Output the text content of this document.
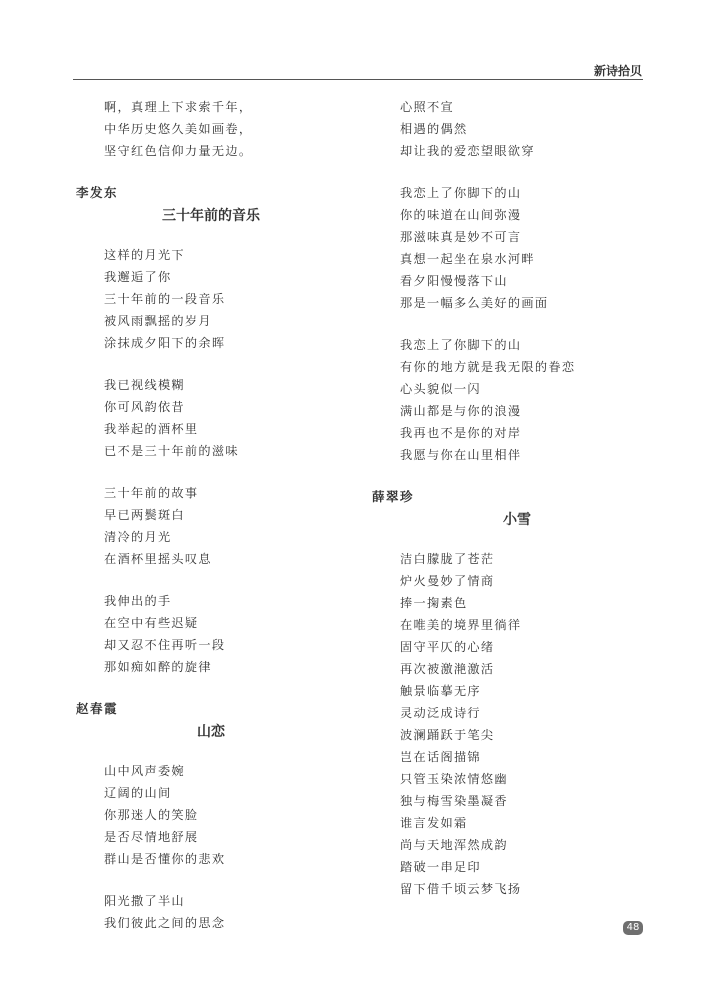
新诗拾贝
啊，真理上下求索千年，
中华历史悠久美如画卷，
坚守红色信仰力量无边。
李发东
三十年前的音乐
这样的月光下
我邂逅了你
三十年前的一段音乐
被风雨飘摇的岁月
涂抹成夕阳下的余晖
我已视线模糊
你可风韵依昔
我举起的酒杯里
已不是三十年前的滋味
三十年前的故事
早已两鬓斑白
清冷的月光
在酒杯里摇头叹息
我伸出的手
在空中有些迟疑
却又忍不住再听一段
那如痴如醉的旋律
赵春霞
山恋
山中风声委婉
辽阔的山间
你那迷人的笑脸
是否尽情地舒展
群山是否懂你的悲欢
阳光撒了半山
我们彼此之间的思念
心照不宣
相遇的偶然
却让我的爱恋望眼欲穿
我恋上了你脚下的山
你的味道在山间弥漫
那滋味真是妙不可言
真想一起坐在泉水河畔
看夕阳慢慢落下山
那是一幅多么美好的画面
我恋上了你脚下的山
有你的地方就是我无限的眷恋
心头貌似一闪
满山都是与你的浪漫
我再也不是你的对岸
我愿与你在山里相伴
薛翠珍
小雪
洁白朦胧了苍茫
炉火曼妙了情商
捧一掬素色
在唯美的境界里徜徉
固守平仄的心绪
再次被激滟激活
触景临摹无序
灵动泛成诗行
波澜踊跃于笔尖
岂在话阁描锦
只管玉染浓情悠幽
独与梅雪染墨凝香
谁言发如霜
尚与天地浑然成韵
踏破一串足印
留下借千顷云梦飞扬
48
